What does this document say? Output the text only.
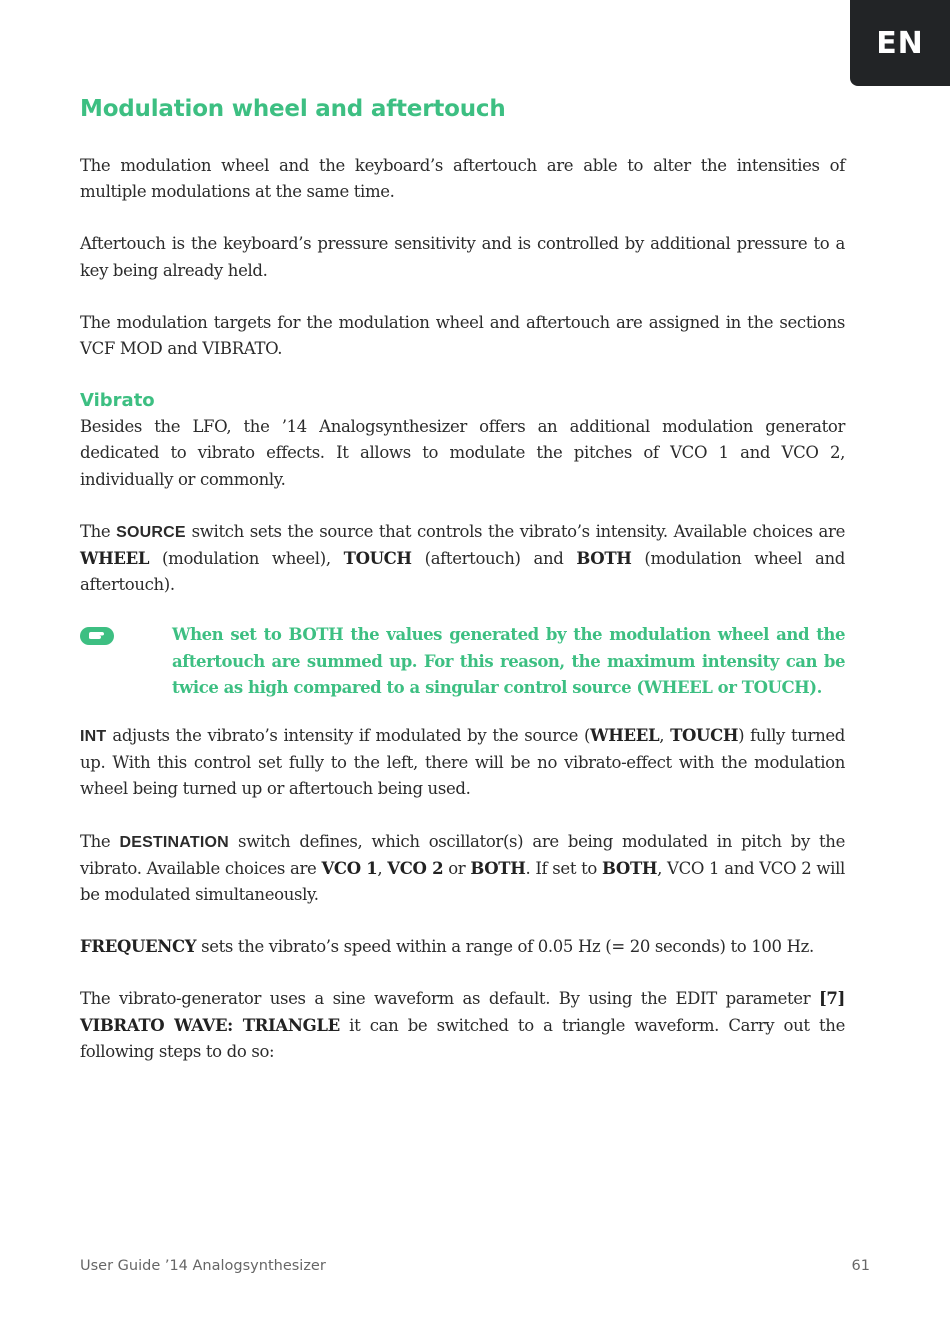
EN
Modulation wheel and aftertouch

The modulation wheel and the keyboard’s aftertouch are able to alter the intensities of multiple modulations at the same time.

Aftertouch is the keyboard’s pressure sensitivity and is controlled by additional pressure to a key being already held.

The modulation targets for the modulation wheel and aftertouch are assigned in the sections VCF MOD and VIBRATO.

Vibrato

Besides the LFO, the ’14 Analogsynthesizer offers an additional modulation generator dedicated to vibrato effects. It allows to modulate the pitches of VCO 1 and VCO 2, individually or commonly.

The SOURCE switch sets the source that controls the vibrato’s intensity. Available choices are WHEEL (modulation wheel), TOUCH (aftertouch) and BOTH (modulation wheel and aftertouch).

When set to BOTH the values generated by the modulation wheel and the aftertouch are summed up. For this reason, the maximum intensity can be twice as high compared to a singular control source (WHEEL or TOUCH).

INT adjusts the vibrato’s intensity if modulated by the source (WHEEL, TOUCH) fully turned up. With this control set fully to the left, there will be no vibrato-effect with the modulation wheel being turned up or aftertouch being used.

The DESTINATION switch defines, which oscillator(s) are being modulated in pitch by the vibrato. Available choices are VCO 1, VCO 2 or BOTH. If set to BOTH, VCO 1 and VCO 2 will be modulated simultaneously.

FREQUENCY sets the vibrato’s speed within a range of 0.05 Hz (= 20 seconds) to 100 Hz.

The vibrato-generator uses a sine waveform as default. By using the EDIT parameter [7] VIBRATO WAVE: TRIANGLE it can be switched to a triangle waveform. Carry out the following steps to do so:

User Guide ’14 Analogsynthesizer	61
